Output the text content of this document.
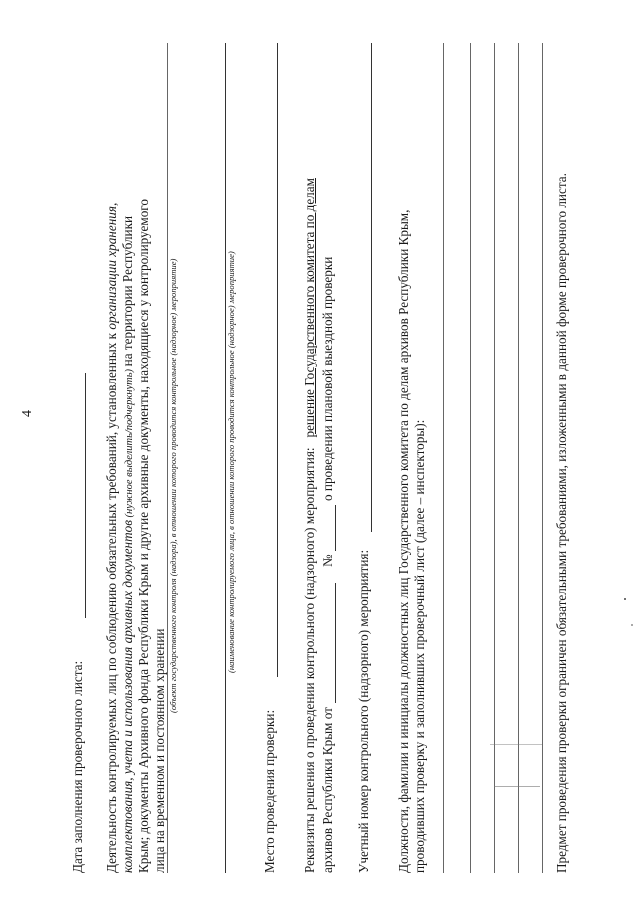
4
Дата заполнения проверочного листа: Деятельность контролируемых лиц по соблюдению обязательных требований, установленных к организации хранения,
комплектования, учета и использования архивных документов (нужное выделить/подчеркнуть) на территории Республики Крым; документы Архивного фонда Республики Крым и другие архивные документы, находящиеся у контролируемого лица на временном и постоянном хранении
(объект государственного контроля (надзора), в отношении которого проводится контрольное (надзорное) мероприятие)	(наименование контролируемого лица, в отношении которого проводится контрольное (надзорное) мероприятие)
Место проведения проверки: Реквизиты решения о проведении контрольного (надзорного) мероприятия:   решение Государственного комитета по делам
архивов Республики Крым от
№
о проведении плановой выездной проверки
Учетный номер контрольного (надзорного) мероприятия: Должности, фамилии и инициалы должностных лиц Государственного комитета по делам архивов Республики Крым, проводивших проверку и заполнивших проверочный лист (далее – инспекторы):	Предмет проведения проверки ограничен обязательными требованиями, изложенными в данной форме проверочного листа.
